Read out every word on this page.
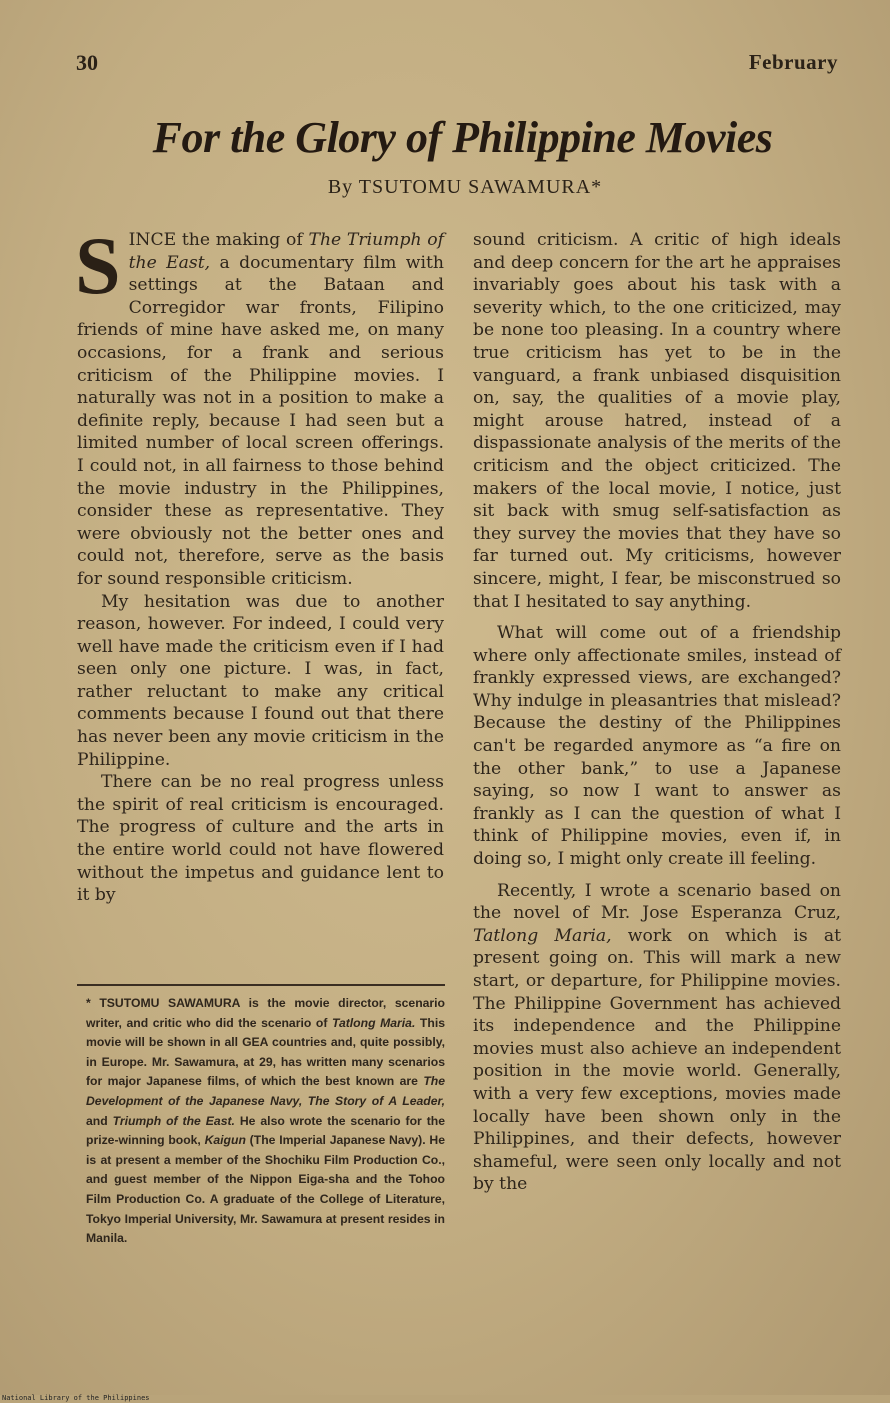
30	February
For the Glory of Philippine Movies
By TSUTOMU SAWAMURA*

SINCE the making of The Triumph of the East, a documentary film with settings at the Bataan and Corregidor war fronts, Filipino friends of mine have asked me, on many occasions, for a frank and serious criticism of the Philippine movies. I naturally was not in a position to make a definite reply, because I had seen but a limited number of local screen offerings. I could not, in all fairness to those behind the movie industry in the Philippines, consider these as representative. They were obviously not the better ones and could not, therefore, serve as the basis for sound responsible criticism.

My hesitation was due to another reason, however. For indeed, I could very well have made the criticism even if I had seen only one picture. I was, in fact, rather reluctant to make any critical comments because I found out that there has never been any movie criticism in the Philippine.

There can be no real progress unless the spirit of real criticism is encouraged. The progress of culture and the arts in the entire world could not have flowered without the impetus and guidance lent to it by

* TSUTOMU SAWAMURA is the movie director, scenario writer, and critic who did the scenario of Tatlong Maria. This movie will be shown in all GEA countries and, quite possibly, in Europe. Mr. Sawamura, at 29, has written many scenarios for major Japanese films, of which the best known are The Development of the Japanese Navy, The Story of A Leader, and Triumph of the East. He also wrote the scenario for the prize-winning book, Kaigun (The Imperial Japanese Navy). He is at present a member of the Shochiku Film Production Co., and guest member of the Nippon Eiga-sha and the Tohoo Film Production Co. A graduate of the College of Literature, Tokyo Imperial University, Mr. Sawamura at present resides in Manila.

sound criticism. A critic of high ideals and deep concern for the art he appraises invariably goes about his task with a severity which, to the one criticized, may be none too pleasing. In a country where true criticism has yet to be in the vanguard, a frank unbiased disquisition on, say, the qualities of a movie play, might arouse hatred, instead of a dispassionate analysis of the merits of the criticism and the object criticized. The makers of the local movie, I notice, just sit back with smug self-satisfaction as they survey the movies that they have so far turned out. My criticisms, however sincere, might, I fear, be misconstrued so that I hesitated to say anything.

What will come out of a friendship where only affectionate smiles, instead of frankly expressed views, are exchanged? Why indulge in pleasantries that mislead? Because the destiny of the Philippines can't be regarded anymore as “a fire on the other bank,” to use a Japanese saying, so now I want to answer as frankly as I can the question of what I think of Philippine movies, even if, in doing so, I might only create ill feeling.

Recently, I wrote a scenario based on the novel of Mr. Jose Esperanza Cruz, Tatlong Maria, work on which is at present going on. This will mark a new start, or departure, for Philippine movies. The Philippine Government has achieved its independence and the Philippine movies must also achieve an independent position in the movie world. Generally, with a very few exceptions, movies made locally have been shown only in the Philippines, and their defects, however shameful, were seen only locally and not by the

National Library of the Philippines
